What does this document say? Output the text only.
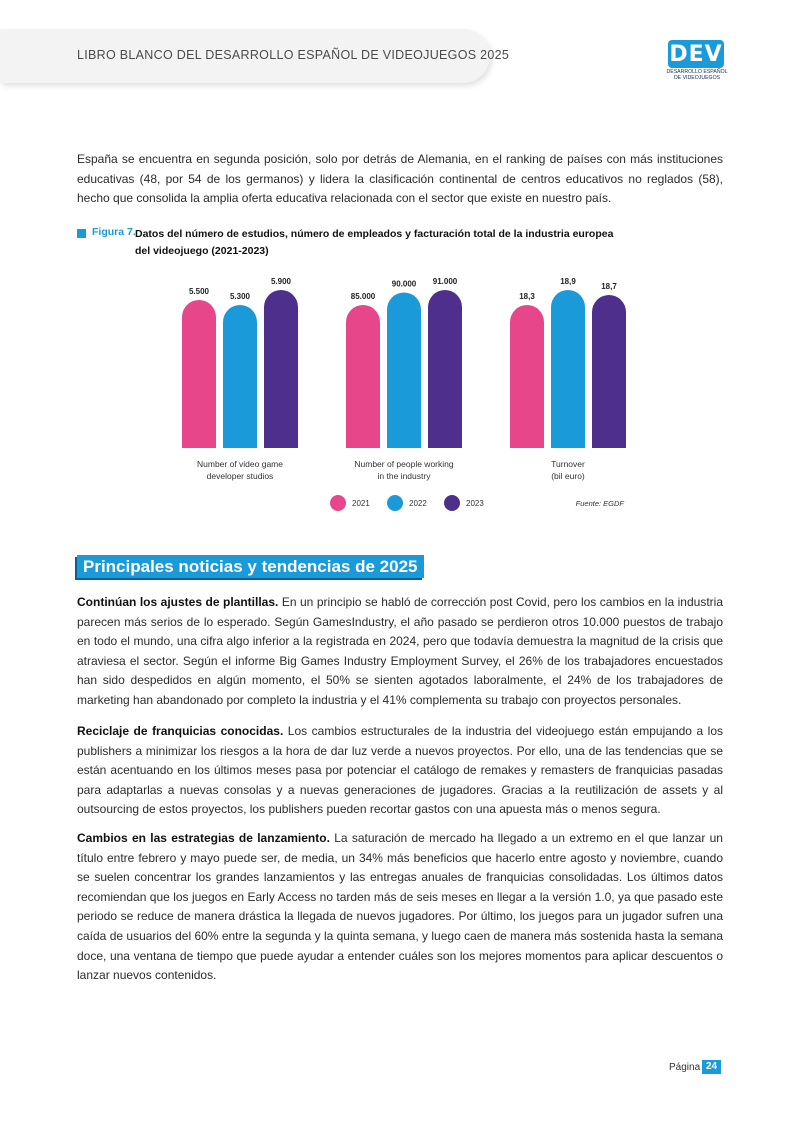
LIBRO BLANCO DEL DESARROLLO ESPAÑOL DE VIDEOJUEGOS 2025	DEV
DESARROLLO ESPAÑOL
DE VIDEOJUEGOS

España se encuentra en segunda posición, solo por detrás de Alemania, en el ranking de países con más instituciones educativas (48, por 54 de los germanos) y lidera la clasificación continental de centros educativos no reglados (58), hecho que consolida la amplia oferta educativa relacionada con el sector que existe en nuestro país.

Figura 7. Datos del número de estudios, número de empleados y facturación total de la industria europea del videojuego (2021-2023)
5.500
5.300
5.900
Number of video game
developer studios
85.000
90.000 91.000
Number of people working
in the industry
18,3
18,9
18,7
Turnover
(bil euro)
2021	2022	2023	Fuente: EGDF
Principales noticias y tendencias de 2025

Continúan los ajustes de plantillas. En un principio se habló de corrección post Covid, pero los cambios en la industria parecen más serios de lo esperado. Según GamesIndustry, el año pasado se perdieron otros 10.000 puestos de trabajo en todo el mundo, una cifra algo inferior a la registrada en 2024, pero que todavía demuestra la magnitud de la crisis que atraviesa el sector. Según el informe Big Games Industry Employment Survey, el 26% de los trabajadores encuestados han sido despedidos en algún momento, el 50% se sienten agotados laboralmente, el 24% de los trabajadores de marketing han abandonado por completo la industria y el 41% complementa su trabajo con proyectos personales.

Reciclaje de franquicias conocidas. Los cambios estructurales de la industria del videojuego están empujando a los publishers a minimizar los riesgos a la hora de dar luz verde a nuevos proyectos. Por ello, una de las tendencias que se están acentuando en los últimos meses pasa por potenciar el catálogo de remakes y remasters de franquicias pasadas para adaptarlas a nuevas consolas y a nuevas generaciones de jugadores. Gracias a la reutilización de assets y al outsourcing de estos proyectos, los publishers pueden recortar gastos con una apuesta más o menos segura.

Cambios en las estrategias de lanzamiento. La saturación de mercado ha llegado a un extremo en el que lanzar un título entre febrero y mayo puede ser, de media, un 34% más beneficios que hacerlo entre agosto y noviembre, cuando se suelen concentrar los grandes lanzamientos y las entregas anuales de franquicias consolidadas. Los últimos datos recomiendan que los juegos en Early Access no tarden más de seis meses en llegar a la versión 1.0, ya que pasado este periodo se reduce de manera drástica la llegada de nuevos jugadores. Por último, los juegos para un jugador sufren una caída de usuarios del 60% entre la segunda y la quinta semana, y luego caen de manera más sostenida hasta la semana doce, una ventana de tiempo que puede ayudar a entender cuáles son los mejores momentos para aplicar descuentos o lanzar nuevos contenidos.

Página 24
